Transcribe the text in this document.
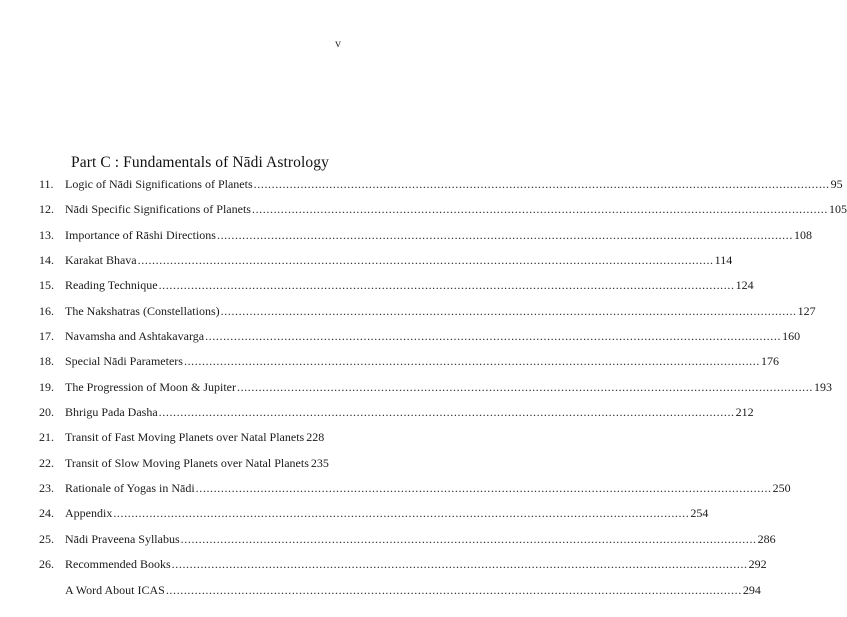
v
Part C : Fundamentals of Nādi Astrology
11. Logic of Nādi Significations of Planets ................................................................................................................................................................ 95
12. Nādi Specific Significations of Planets ................................................................................................................................................................ 105
13. Importance of Rāshi Directions ................................................................................................................................................................ 108
14. Karakat Bhava ................................................................................................................................................................ 114
15. Reading Technique ................................................................................................................................................................ 124
16. The Nakshatras (Constellations) ................................................................................................................................................................ 127
17. Navamsha and Ashtakavarga ................................................................................................................................................................ 160
18. Special Nādi Parameters ................................................................................................................................................................ 176
19. The Progression of Moon & Jupiter ................................................................................................................................................................ 193
20. Bhrigu Pada Dasha ................................................................................................................................................................ 212
21. Transit of Fast Moving Planets over Natal Planets 228
22. Transit of Slow Moving Planets over Natal Planets 235
23. Rationale of Yogas in Nādi ................................................................................................................................................................ 250
24. Appendix ................................................................................................................................................................ 254
25. Nādi Praveena Syllabus ................................................................................................................................................................ 286
26. Recommended Books ................................................................................................................................................................ 292
A Word About ICAS ................................................................................................................................................................ 294
